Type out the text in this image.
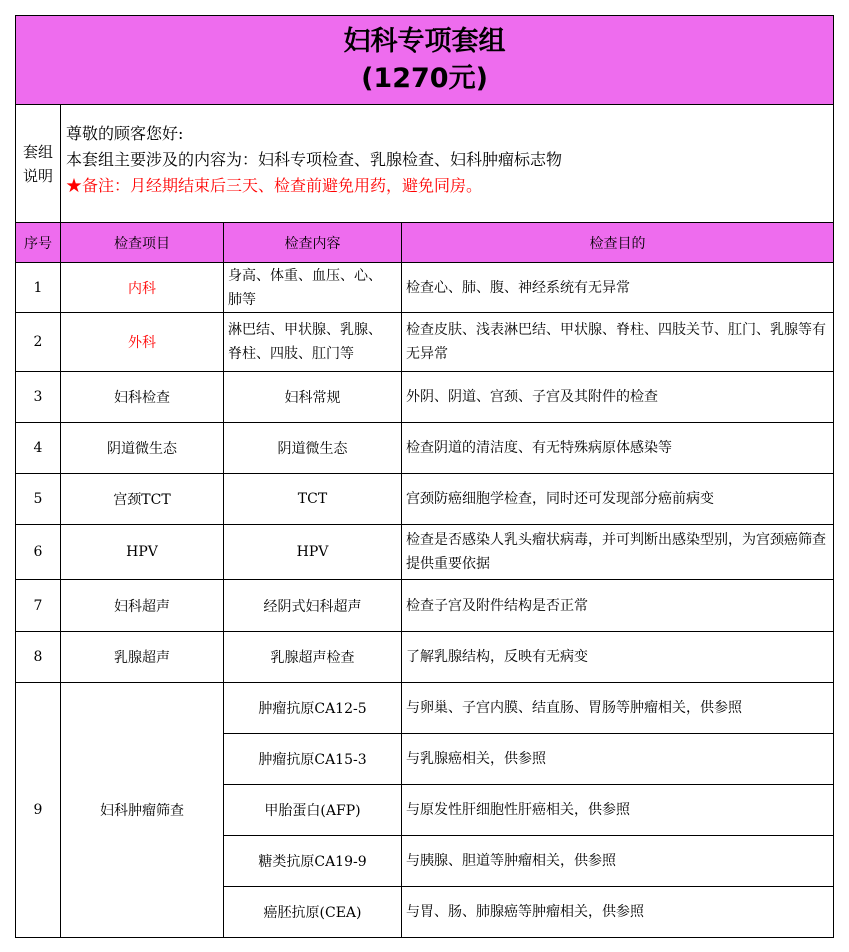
妇科专项套组
(1270元)			

套组说明	尊敬的顾客您好:
本套组主要涉及的内容为：妇科专项检查、乳腺检查、妇科肿瘤标志物
★备注：月经期结束后三天、检查前避免用药，避免同房。		

序号	检查项目	检查内容	检查目的
1	内科	身高、体重、血压、心、肺等	检查心、肺、腹、神经系统有无异常
2	外科	淋巴结、甲状腺、乳腺、脊柱、四肢、肛门等	检查皮肤、浅表淋巴结、甲状腺、脊柱、四肢关节、肛门、乳腺等有无异常
3	妇科检查	妇科常规	外阴、阴道、宫颈、子宫及其附件的检查
4	阴道微生态	阴道微生态	检查阴道的清洁度、有无特殊病原体感染等
5	宫颈TCT	TCT	宫颈防癌细胞学检查，同时还可发现部分癌前病变
6	HPV	HPV	检查是否感染人乳头瘤状病毒，并可判断出感染型别，为宫颈癌筛查提供重要依据
7	妇科超声	经阴式妇科超声	检查子宫及附件结构是否正常
8	乳腺超声	乳腺超声检查	了解乳腺结构，反映有无病变
9	妇科肿瘤筛查	肿瘤抗原CA12-5	与卵巢、子宫内膜、结直肠、胃肠等肿瘤相关，供参照
		肿瘤抗原CA15-3	与乳腺癌相关，供参照
		甲胎蛋白(AFP)	与原发性肝细胞性肝癌相关，供参照
		糖类抗原CA19-9	与胰腺、胆道等肿瘤相关，供参照
		癌胚抗原(CEA)	与胃、肠、肺腺癌等肿瘤相关，供参照
